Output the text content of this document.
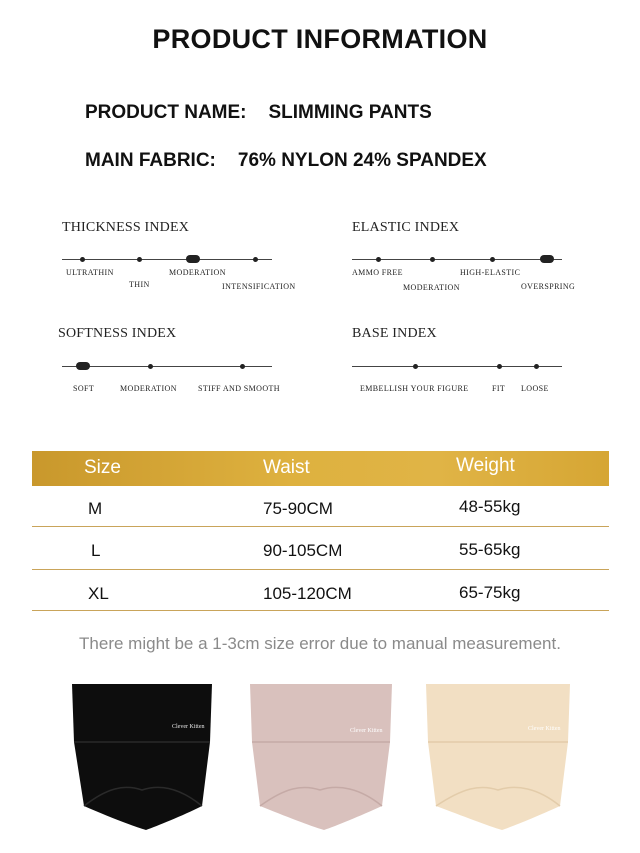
PRODUCT INFORMATION
PRODUCT NAME: SLIMMING PANTS
MAIN FABRIC: 76% NYLON 24% SPANDEX
THICKNESS INDEX
ULTRATHIN
THIN
MODERATION
INTENSIFICATION
ELASTIC INDEX
AMMO FREE
MODERATION
HIGH-ELASTIC
OVERSPRING
SOFTNESS INDEX
SOFT	MODERATION	STIFF AND SMOOTH
BASE INDEX
EMBELLISH YOUR FIGURE	FIT LOOSE
Size	Waist	Weight
M	75-90CM	48-55kg
L	90-105CM	55-65kg
XL	105-120CM	65-75kg
There might be a 1-3cm size error due to manual measurement.
Clever Kitten
Clever Kitten	Clever Kitten
